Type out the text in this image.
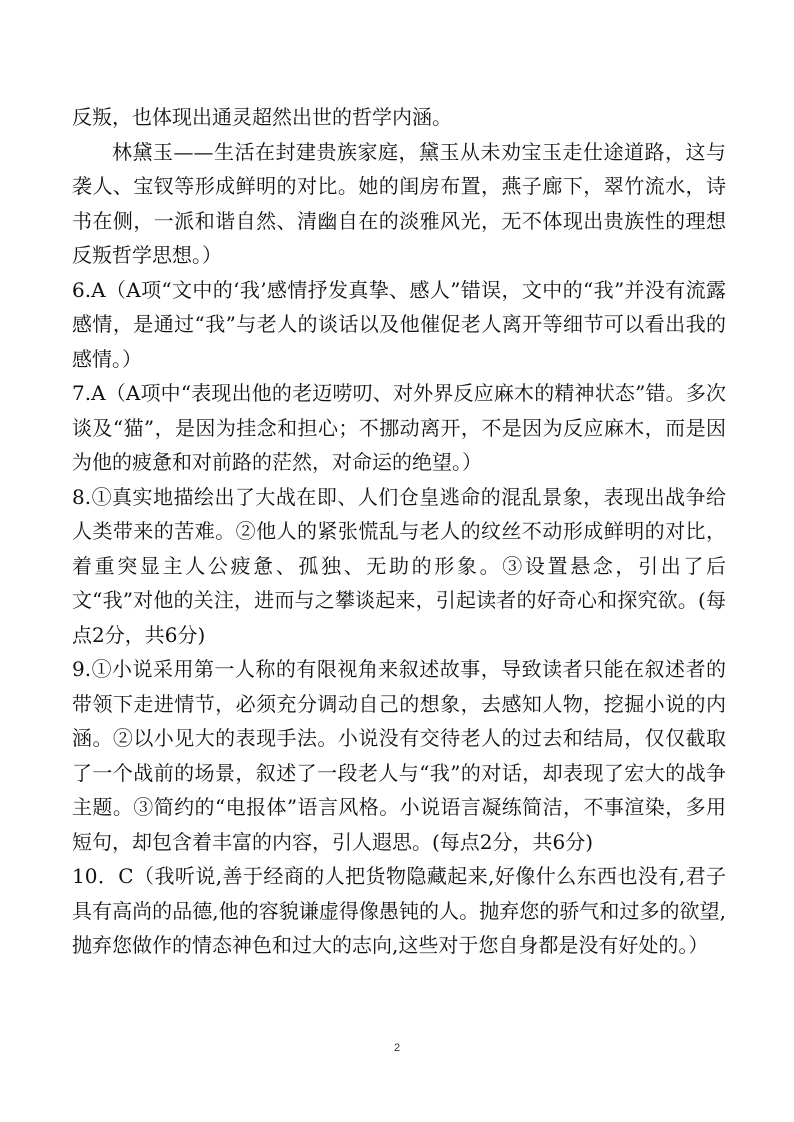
反叛，也体现出通灵超然出世的哲学内涵。

林黛玉——生活在封建贵族家庭，黛玉从未劝宝玉走仕途道路，这与袭人、宝钗等形成鲜明的对比。她的闺房布置，燕子廊下，翠竹流水，诗书在侧，一派和谐自然、清幽自在的淡雅风光，无不体现出贵族性的理想反叛哲学思想。）

6.A（A项“文中的‘我’感情抒发真挚、感人”错误，文中的“我”并没有流露感情，是通过“我”与老人的谈话以及他催促老人离开等细节可以看出我的感情。）

7.A（A项中“表现出他的老迈唠叨、对外界反应麻木的精神状态”错。多次谈及“猫”，是因为挂念和担心；不挪动离开，不是因为反应麻木，而是因为他的疲惫和对前路的茫然，对命运的绝望。）

8.①真实地描绘出了大战在即、人们仓皇逃命的混乱景象，表现出战争给人类带来的苦难。②他人的紧张慌乱与老人的纹丝不动形成鲜明的对比，着重突显主人公疲惫、孤独、无助的形象。③设置悬念，引出了后文“我”对他的关注，进而与之攀谈起来，引起读者的好奇心和探究欲。(每点2分，共6分)

9.①小说采用第一人称的有限视角来叙述故事，导致读者只能在叙述者的带领下走进情节，必须充分调动自己的想象，去感知人物，挖掘小说的内涵。②以小见大的表现手法。小说没有交待老人的过去和结局，仅仅截取了一个战前的场景，叙述了一段老人与“我”的对话，却表现了宏大的战争主题。③简约的“电报体”语言风格。小说语言凝练简洁，不事渲染，多用短句，却包含着丰富的内容，引人遐思。(每点2分，共6分)

10．C（我听说,善于经商的人把货物隐藏起来,好像什么东西也没有,君子具有高尚的品德,他的容貌谦虚得像愚钝的人。抛弃您的骄气和过多的欲望,抛弃您做作的情态神色和过大的志向,这些对于您自身都是没有好处的。）

2
